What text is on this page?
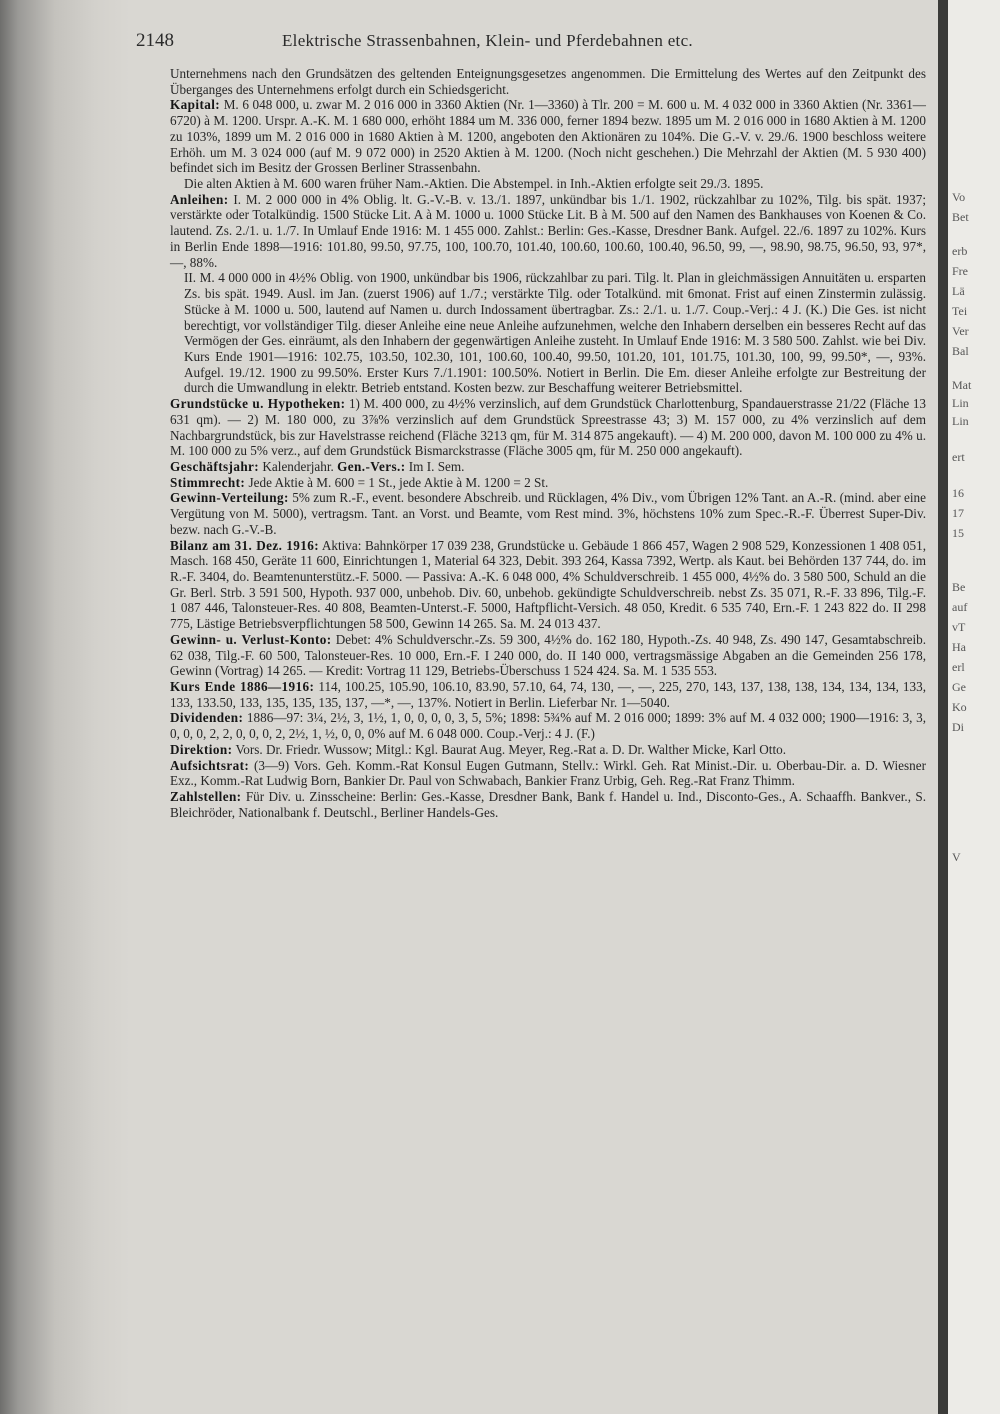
Vo
Bet
erb
Fre
Lä
Tei
Ver
Bal
Mat
Lin
Lin
ert
16
17
15
Be
auf
vT
Ha
erl
Ge
Ko
Di
V
2148	Elektrische Strassenbahnen, Klein- und Pferdebahnen etc.

Unternehmens nach den Grundsätzen des geltenden Enteignungsgesetzes angenommen. Die Ermittelung des Wertes auf den Zeitpunkt des Überganges des Unternehmens erfolgt durch ein Schiedsgericht.

Kapital: M. 6 048 000, u. zwar M. 2 016 000 in 3360 Aktien (Nr. 1—3360) à Tlr. 200 = M. 600 u. M. 4 032 000 in 3360 Aktien (Nr. 3361—6720) à M. 1200. Urspr. A.-K. M. 1 680 000, erhöht 1884 um M. 336 000, ferner 1894 bezw. 1895 um M. 2 016 000 in 1680 Aktien à M. 1200 zu 103%, 1899 um M. 2 016 000 in 1680 Aktien à M. 1200, angeboten den Aktionären zu 104%. Die G.-V. v. 29./6. 1900 beschloss weitere Erhöh. um M. 3 024 000 (auf M. 9 072 000) in 2520 Aktien à M. 1200. (Noch nicht geschehen.) Die Mehrzahl der Aktien (M. 5 930 400) befindet sich im Besitz der Grossen Berliner Strassenbahn.

Die alten Aktien à M. 600 waren früher Nam.-Aktien. Die Abstempel. in Inh.-Aktien erfolgte seit 29./3. 1895.

Anleihen: I. M. 2 000 000 in 4% Oblig. lt. G.-V.-B. v. 13./1. 1897, unkündbar bis 1./1. 1902, rückzahlbar zu 102%, Tilg. bis spät. 1937; verstärkte oder Totalkündig. 1500 Stücke Lit. A à M. 1000 u. 1000 Stücke Lit. B à M. 500 auf den Namen des Bankhauses von Koenen & Co. lautend. Zs. 2./1. u. 1./7. In Umlauf Ende 1916: M. 1 455 000. Zahlst.: Berlin: Ges.-Kasse, Dresdner Bank. Aufgel. 22./6. 1897 zu 102%. Kurs in Berlin Ende 1898—1916: 101.80, 99.50, 97.75, 100, 100.70, 101.40, 100.60, 100.60, 100.40, 96.50, 99, —, 98.90, 98.75, 96.50, 93, 97*, —, 88%.

II. M. 4 000 000 in 4½% Oblig. von 1900, unkündbar bis 1906, rückzahlbar zu pari. Tilg. lt. Plan in gleichmässigen Annuitäten u. ersparten Zs. bis spät. 1949. Ausl. im Jan. (zuerst 1906) auf 1./7.; verstärkte Tilg. oder Totalkünd. mit 6monat. Frist auf einen Zinstermin zulässig. Stücke à M. 1000 u. 500, lautend auf Namen u. durch Indossament übertragbar. Zs.: 2./1. u. 1./7. Coup.-Verj.: 4 J. (K.) Die Ges. ist nicht berechtigt, vor vollständiger Tilg. dieser Anleihe eine neue Anleihe aufzunehmen, welche den Inhabern derselben ein besseres Recht auf das Vermögen der Ges. einräumt, als den Inhabern der gegenwärtigen Anleihe zusteht. In Umlauf Ende 1916: M. 3 580 500. Zahlst. wie bei Div. Kurs Ende 1901—1916: 102.75, 103.50, 102.30, 101, 100.60, 100.40, 99.50, 101.20, 101, 101.75, 101.30, 100, 99, 99.50*, —, 93%. Aufgel. 19./12. 1900 zu 99.50%. Erster Kurs 7./1.1901: 100.50%. Notiert in Berlin. Die Em. dieser Anleihe erfolgte zur Bestreitung der durch die Umwandlung in elektr. Betrieb entstand. Kosten bezw. zur Beschaffung weiterer Betriebsmittel.

Grundstücke u. Hypotheken: 1) M. 400 000, zu 4½% verzinslich, auf dem Grundstück Charlottenburg, Spandauerstrasse 21/22 (Fläche 13 631 qm). — 2) M. 180 000, zu 3⅞% verzinslich auf dem Grundstück Spreestrasse 43; 3) M. 157 000, zu 4% verzinslich auf dem Nachbargrundstück, bis zur Havelstrasse reichend (Fläche 3213 qm, für M. 314 875 angekauft). — 4) M. 200 000, davon M. 100 000 zu 4% u. M. 100 000 zu 5% verz., auf dem Grundstück Bismarckstrasse (Fläche 3005 qm, für M. 250 000 angekauft).

Geschäftsjahr: Kalenderjahr. Gen.-Vers.: Im I. Sem.

Stimmrecht: Jede Aktie à M. 600 = 1 St., jede Aktie à M. 1200 = 2 St.

Gewinn-Verteilung: 5% zum R.-F., event. besondere Abschreib. und Rücklagen, 4% Div., vom Übrigen 12% Tant. an A.-R. (mind. aber eine Vergütung von M. 5000), vertragsm. Tant. an Vorst. und Beamte, vom Rest mind. 3%, höchstens 10% zum Spec.-R.-F. Überrest Super-Div. bezw. nach G.-V.-B.

Bilanz am 31. Dez. 1916: Aktiva: Bahnkörper 17 039 238, Grundstücke u. Gebäude 1 866 457, Wagen 2 908 529, Konzessionen 1 408 051, Masch. 168 450, Geräte 11 600, Einrichtungen 1, Material 64 323, Debit. 393 264, Kassa 7392, Wertp. als Kaut. bei Behörden 137 744, do. im R.-F. 3404, do. Beamtenunterstütz.-F. 5000. — Passiva: A.-K. 6 048 000, 4% Schuldverschreib. 1 455 000, 4½% do. 3 580 500, Schuld an die Gr. Berl. Strb. 3 591 500, Hypoth. 937 000, unbehob. Div. 60, unbehob. gekündigte Schuldverschreib. nebst Zs. 35 071, R.-F. 33 896, Tilg.-F. 1 087 446, Talonsteuer-Res. 40 808, Beamten-Unterst.-F. 5000, Haftpflicht-Versich. 48 050, Kredit. 6 535 740, Ern.-F. 1 243 822 do. II 298 775, Lästige Betriebsverpflichtungen 58 500, Gewinn 14 265. Sa. M. 24 013 437.

Gewinn- u. Verlust-Konto: Debet: 4% Schuldverschr.-Zs. 59 300, 4½% do. 162 180, Hypoth.-Zs. 40 948, Zs. 490 147, Gesamtabschreib. 62 038, Tilg.-F. 60 500, Talonsteuer-Res. 10 000, Ern.-F. I 240 000, do. II 140 000, vertragsmässige Abgaben an die Gemeinden 256 178, Gewinn (Vortrag) 14 265. — Kredit: Vortrag 11 129, Betriebs-Überschuss 1 524 424. Sa. M. 1 535 553.

Kurs Ende 1886—1916: 114, 100.25, 105.90, 106.10, 83.90, 57.10, 64, 74, 130, —, —, 225, 270, 143, 137, 138, 138, 134, 134, 134, 133, 133, 133.50, 133, 135, 135, 135, 137, —*, —, 137%. Notiert in Berlin. Lieferbar Nr. 1—5040.

Dividenden: 1886—97: 3¼, 2½, 3, 1½, 1, 0, 0, 0, 0, 3, 5, 5%; 1898: 5¾% auf M. 2 016 000; 1899: 3% auf M. 4 032 000; 1900—1916: 3, 3, 0, 0, 0, 2, 2, 0, 0, 0, 2, 2½, 1, ½, 0, 0, 0% auf M. 6 048 000. Coup.-Verj.: 4 J. (F.)

Direktion: Vors. Dr. Friedr. Wussow; Mitgl.: Kgl. Baurat Aug. Meyer, Reg.-Rat a. D. Dr. Walther Micke, Karl Otto.

Aufsichtsrat: (3—9) Vors. Geh. Komm.-Rat Konsul Eugen Gutmann, Stellv.: Wirkl. Geh. Rat Minist.-Dir. u. Oberbau-Dir. a. D. Wiesner Exz., Komm.-Rat Ludwig Born, Bankier Dr. Paul von Schwabach, Bankier Franz Urbig, Geh. Reg.-Rat Franz Thimm.

Zahlstellen: Für Div. u. Zinsscheine: Berlin: Ges.-Kasse, Dresdner Bank, Bank f. Handel u. Ind., Disconto-Ges., A. Schaaffh. Bankver., S. Bleichröder, Nationalbank f. Deutschl., Berliner Handels-Ges.
